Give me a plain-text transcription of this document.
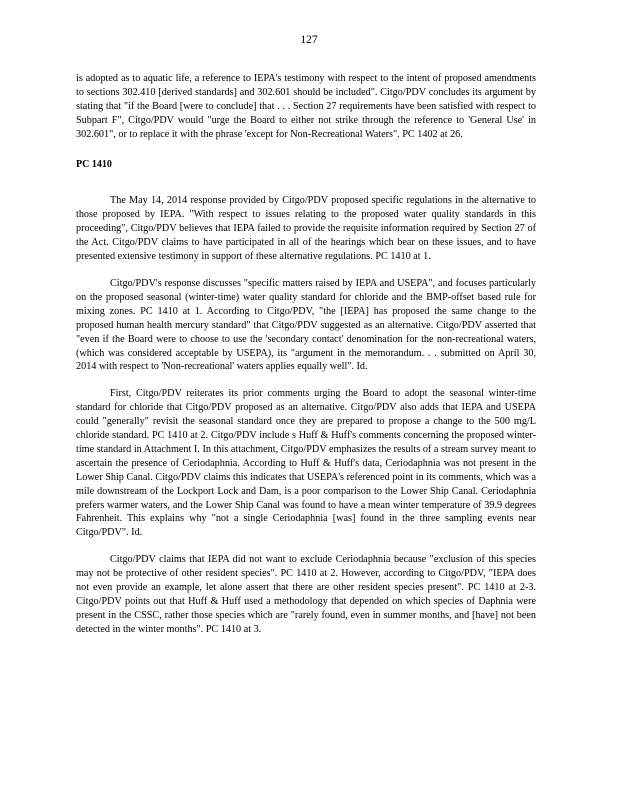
127

is adopted as to aquatic life, a reference to IEPA's testimony with respect to the intent of proposed amendments to sections 302.410 [derived standards] and 302.601 should be included". Citgo/PDV concludes its argument by stating that "if the Board [were to conclude] that . . . Section 27 requirements have been satisfied with respect to Subpart F", Citgo/PDV would "urge the Board to either not strike through the reference to 'General Use' in 302.601", or to replace it with the phrase 'except for Non-Recreational Waters". PC 1402 at 26.

PC 1410

The May 14, 2014 response provided by Citgo/PDV proposed specific regulations in the alternative to those proposed by IEPA. "With respect to issues relating to the proposed water quality standards in this proceeding", Citgo/PDV believes that IEPA failed to provide the requisite information required by Section 27 of the Act. Citgo/PDV claims to have participated in all of the hearings which bear on these issues, and to have presented extensive testimony in support of these alternative regulations. PC 1410 at 1.

Citgo/PDV's response discusses "specific matters raised by IEPA and USEPA", and focuses particularly on the proposed seasonal (winter-time) water quality standard for chloride and the BMP-offset based rule for mixing zones. PC 1410 at 1. According to Citgo/PDV, "the [IEPA] has proposed the same change to the proposed human health mercury standard" that Citgo/PDV suggested as an alternative. Citgo/PDV asserted that "even if the Board were to choose to use the 'secondary contact' denomination for the non-recreational waters, (which was considered acceptable by USEPA), its "argument in the memorandum. . . submitted on April 30, 2014 with respect to 'Non-recreational' waters applies equally well". Id.

First, Citgo/PDV reiterates its prior comments urging the Board to adopt the seasonal winter-time standard for chloride that Citgo/PDV proposed as an alternative. Citgo/PDV also adds that IEPA and USEPA could "generally" revisit the seasonal standard once they are prepared to propose a change to the 500 mg/L chloride standard. PC 1410 at 2. Citgo/PDV include s Huff & Huff's comments concerning the proposed winter-time standard in Attachment I. In this attachment, Citgo/PDV emphasizes the results of a stream survey meant to ascertain the presence of Ceriodaphnia. According to Huff & Huff's data, Ceriodaphnia was not present in the Lower Ship Canal. Citgo/PDV claims this indicates that USEPA's referenced point in its comments, which was a mile downstream of the Lockport Lock and Dam, is a poor comparison to the Lower Ship Canal. Ceriodaphnia prefers warmer waters, and the Lower Ship Canal was found to have a mean winter temperature of 39.9 degrees Fahrenheit. This explains why "not a single Ceriodaphnia [was] found in the three sampling events near Citgo/PDV". Id.

Citgo/PDV claims that IEPA did not want to exclude Ceriodaphnia because "exclusion of this species may not be protective of other resident species". PC 1410 at 2. However, according to Citgo/PDV, "IEPA does not even provide an example, let alone assert that there are other resident species present". PC 1410 at 2-3. Citgo/PDV points out that Huff & Huff used a methodology that depended on which species of Daphnia were present in the CSSC, rather those species which are "rarely found, even in summer months, and [have] not been detected in the winter months". PC 1410 at 3.
